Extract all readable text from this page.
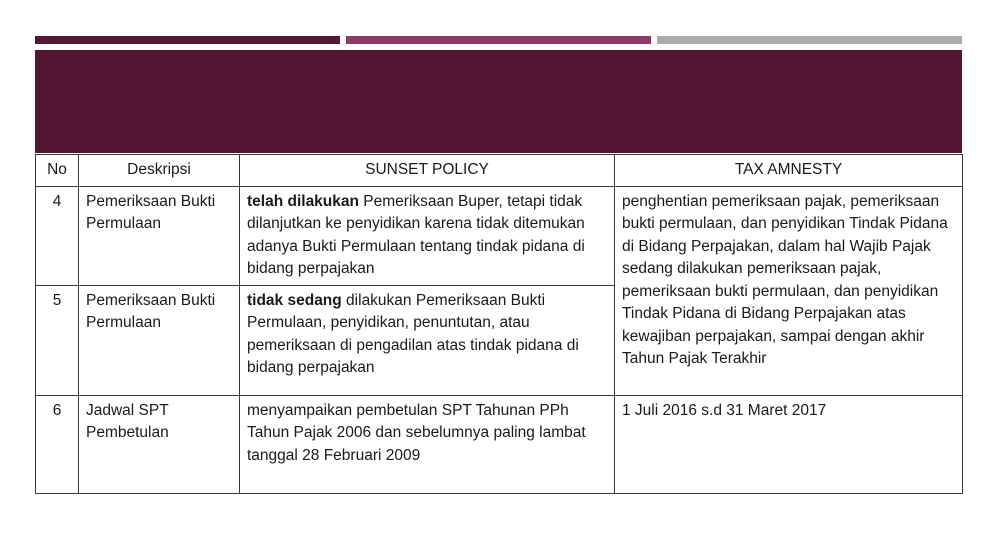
No	Deskripsi	SUNSET POLICY	TAX AMNESTY
4	Pemeriksaan Bukti Permulaan	telah dilakukan Pemeriksaan Buper, tetapi tidak dilanjutkan ke penyidikan karena tidak ditemukan adanya Bukti Permulaan tentang tindak pidana di bidang perpajakan	penghentian pemeriksaan pajak, pemeriksaan bukti permulaan, dan penyidikan Tindak Pidana di Bidang Perpajakan, dalam hal Wajib Pajak sedang dilakukan pemeriksaan pajak, pemeriksaan bukti permulaan, dan penyidikan Tindak Pidana di Bidang Perpajakan atas kewajiban perpajakan, sampai dengan akhir Tahun Pajak Terakhir
5	Pemeriksaan Bukti Permulaan	tidak sedang dilakukan Pemeriksaan Bukti Permulaan, penyidikan, penuntutan, atau pemeriksaan di pengadilan atas tindak pidana di bidang perpajakan	
6	Jadwal SPT Pembetulan	menyampaikan pembetulan SPT Tahunan PPh Tahun Pajak 2006 dan sebelumnya paling lambat tanggal 28 Februari 2009	1 Juli 2016 s.d 31 Maret 2017
